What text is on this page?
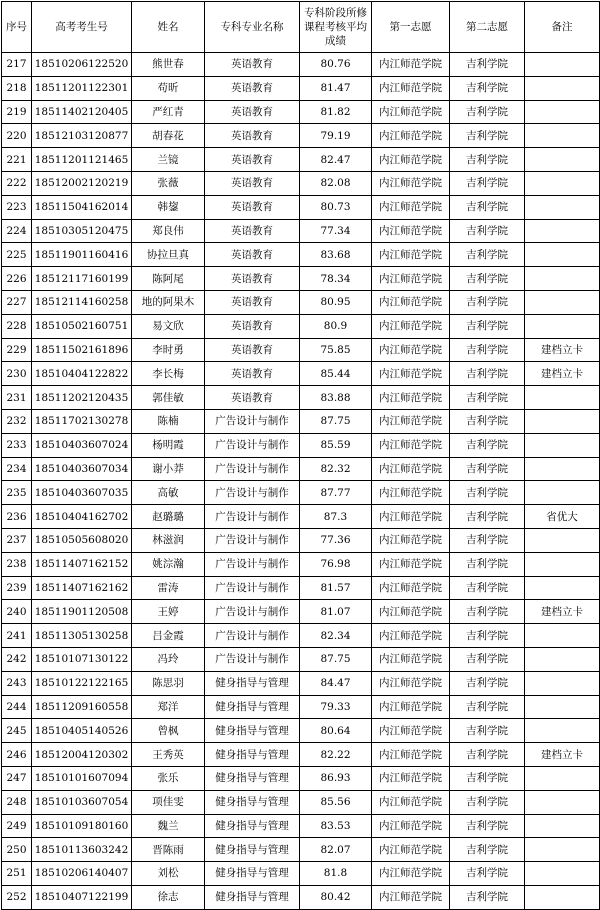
序号	高考考生号	姓名	专科专业名称	专科阶段所修课程考核平均成绩	第一志愿	第二志愿	备注
217	18510206122520	熊世春	英语教育	80.76	内江师范学院	吉利学院	
218	18511201122301	苟昕	英语教育	81.47	内江师范学院	吉利学院	
219	18511402120405	严红青	英语教育	81.82	内江师范学院	吉利学院	
220	18512103120877	胡春花	英语教育	79.19	内江师范学院	吉利学院	
221	18511201121465	兰镜	英语教育	82.47	内江师范学院	吉利学院	
222	18512002120219	张薇	英语教育	82.08	内江师范学院	吉利学院	
223	18511504162014	韩鋆	英语教育	80.73	内江师范学院	吉利学院	
224	18510305120475	郑良伟	英语教育	77.34	内江师范学院	吉利学院	
225	18511901160416	协拉旦真	英语教育	83.68	内江师范学院	吉利学院	
226	18512117160199	陈阿尾	英语教育	78.34	内江师范学院	吉利学院	
227	18512114160258	地的阿果木	英语教育	80.95	内江师范学院	吉利学院	
228	18510502160751	易文欣	英语教育	80.9	内江师范学院	吉利学院	
229	18511502161896	李时勇	英语教育	75.85	内江师范学院	吉利学院	建档立卡
230	18510404122822	李长梅	英语教育	85.44	内江师范学院	吉利学院	建档立卡
231	18511202120435	郭佳敏	英语教育	83.88	内江师范学院	吉利学院	
232	18511702130278	陈楠	广告设计与制作	87.75	内江师范学院	吉利学院	
233	18510403607024	杨明霞	广告设计与制作	85.59	内江师范学院	吉利学院	
234	18510403607034	谢小莽	广告设计与制作	82.32	内江师范学院	吉利学院	
235	18510403607035	高敏	广告设计与制作	87.77	内江师范学院	吉利学院	
236	18510404162702	赵璐璐	广告设计与制作	87.3	内江师范学院	吉利学院	省优大
237	18510505608020	林滋润	广告设计与制作	77.36	内江师范学院	吉利学院	
238	18511407162152	姚淙瀚	广告设计与制作	76.98	内江师范学院	吉利学院	
239	18511407162162	雷涛	广告设计与制作	81.57	内江师范学院	吉利学院	
240	18511901120508	王婷	广告设计与制作	81.07	内江师范学院	吉利学院	建档立卡
241	18511305130258	吕金霞	广告设计与制作	82.34	内江师范学院	吉利学院	
242	18510107130122	冯玲	广告设计与制作	87.75	内江师范学院	吉利学院	
243	18510122122165	陈思羽	健身指导与管理	84.47	内江师范学院	吉利学院	
244	18511209160558	郑洋	健身指导与管理	79.33	内江师范学院	吉利学院	
245	18510405140526	曾枫	健身指导与管理	80.64	内江师范学院	吉利学院	
246	18512004120302	王秀英	健身指导与管理	82.22	内江师范学院	吉利学院	建档立卡
247	18510101607094	张乐	健身指导与管理	86.93	内江师范学院	吉利学院	
248	18510103607054	项佳雯	健身指导与管理	85.56	内江师范学院	吉利学院	
249	18510109180160	魏兰	健身指导与管理	83.53	内江师范学院	吉利学院	
250	18510113603242	晋陈雨	健身指导与管理	82.07	内江师范学院	吉利学院	
251	18510206140407	刘松	健身指导与管理	81.8	内江师范学院	吉利学院	
252	18510407122199	徐志	健身指导与管理	80.42	内江师范学院	吉利学院	
